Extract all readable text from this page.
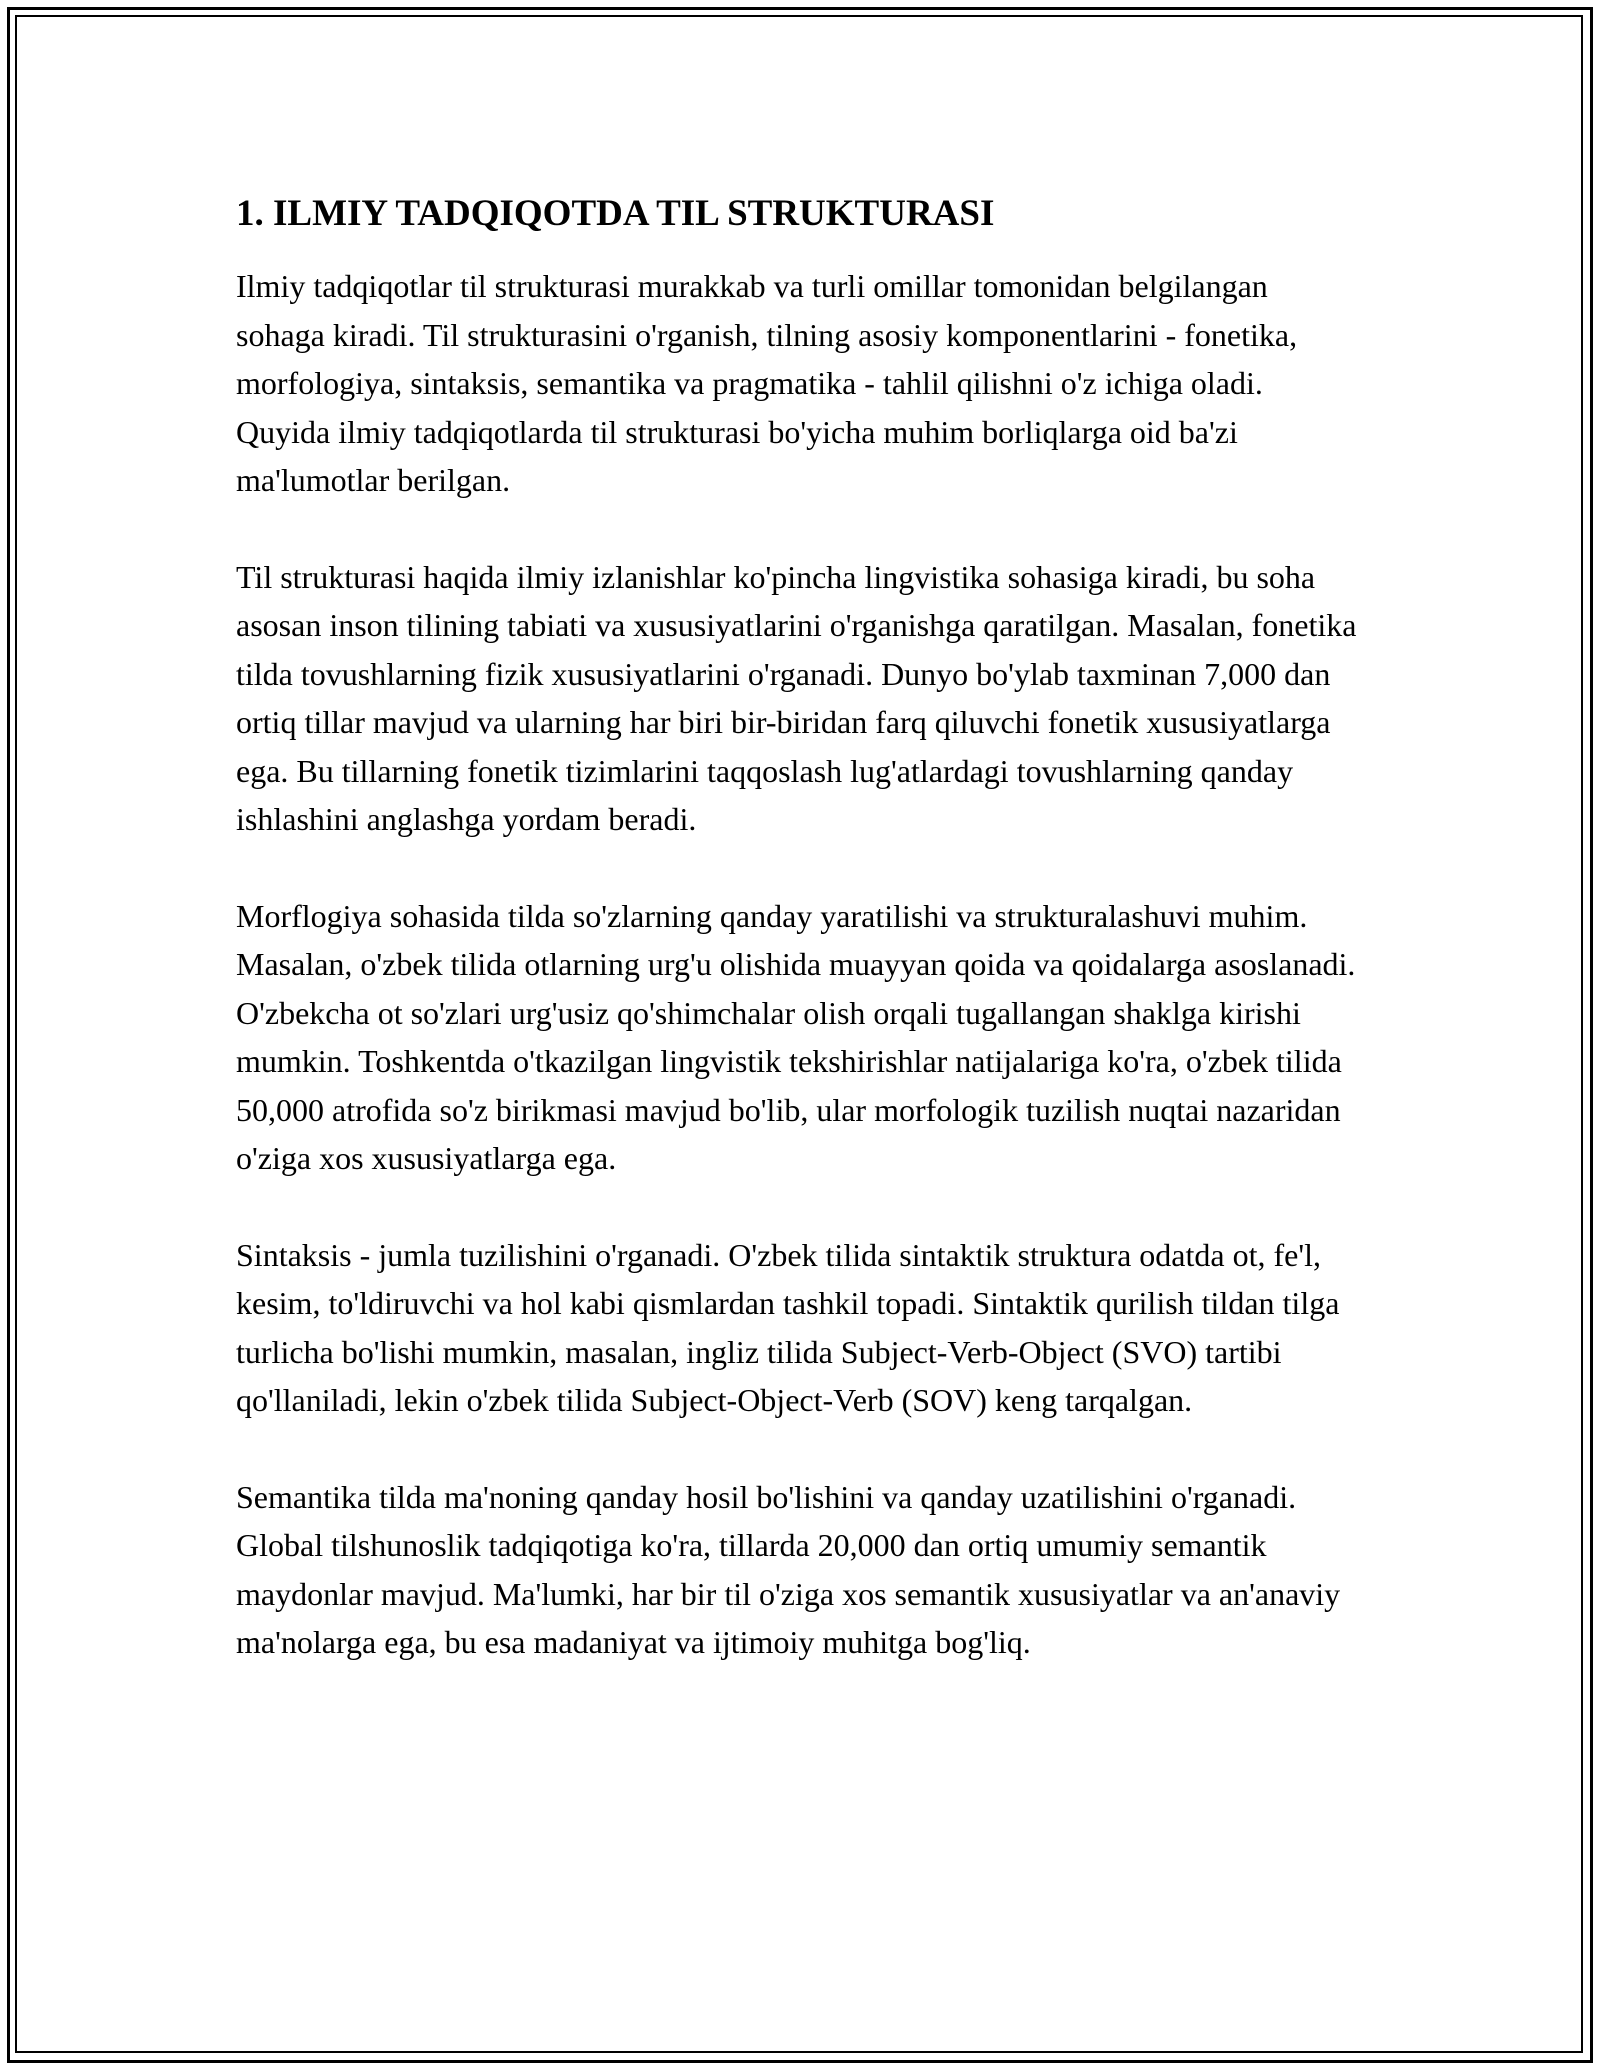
1. ILMIY TADQIQOTDA TIL STRUKTURASI

Ilmiy tadqiqotlar til strukturasi murakkab va turli omillar tomonidan belgilangan sohaga kiradi. Til strukturasini o'rganish, tilning asosiy komponentlarini - fonetika, morfologiya, sintaksis, semantika va pragmatika - tahlil qilishni o'z ichiga oladi. Quyida ilmiy tadqiqotlarda til strukturasi bo'yicha muhim borliqlarga oid ba'zi ma'lumotlar berilgan.

Til strukturasi haqida ilmiy izlanishlar ko'pincha lingvistika sohasiga kiradi, bu soha asosan inson tilining tabiati va xususiyatlarini o'rganishga qaratilgan. Masalan, fonetika tilda tovushlarning fizik xususiyatlarini o'rganadi. Dunyo bo'ylab taxminan 7,000 dan ortiq tillar mavjud va ularning har biri bir-biridan farq qiluvchi fonetik xususiyatlarga ega. Bu tillarning fonetik tizimlarini taqqoslash lug'atlardagi tovushlarning qanday ishlashini anglashga yordam beradi.

Morflogiya sohasida tilda so'zlarning qanday yaratilishi va strukturalashuvi muhim. Masalan, o'zbek tilida otlarning urg'u olishida muayyan qoida va qoidalarga asoslanadi. O'zbekcha ot so'zlari urg'usiz qo'shimchalar olish orqali tugallangan shaklga kirishi mumkin. Toshkentda o'tkazilgan lingvistik tekshirishlar natijalariga ko'ra, o'zbek tilida 50,000 atrofida so'z birikmasi mavjud bo'lib, ular morfologik tuzilish nuqtai nazaridan o'ziga xos xususiyatlarga ega.

Sintaksis - jumla tuzilishini o'rganadi. O'zbek tilida sintaktik struktura odatda ot, fe'l, kesim, to'ldiruvchi va hol kabi qismlardan tashkil topadi. Sintaktik qurilish tildan tilga turlicha bo'lishi mumkin, masalan, ingliz tilida Subject-Verb-Object (SVO) tartibi qo'llaniladi, lekin o'zbek tilida Subject-Object-Verb (SOV) keng tarqalgan.

Semantika tilda ma'noning qanday hosil bo'lishini va qanday uzatilishini o'rganadi. Global tilshunoslik tadqiqotiga ko'ra, tillarda 20,000 dan ortiq umumiy semantik maydonlar mavjud. Ma'lumki, har bir til o'ziga xos semantik xususiyatlar va an'anaviy ma'nolarga ega, bu esa madaniyat va ijtimoiy muhitga bog'liq.
